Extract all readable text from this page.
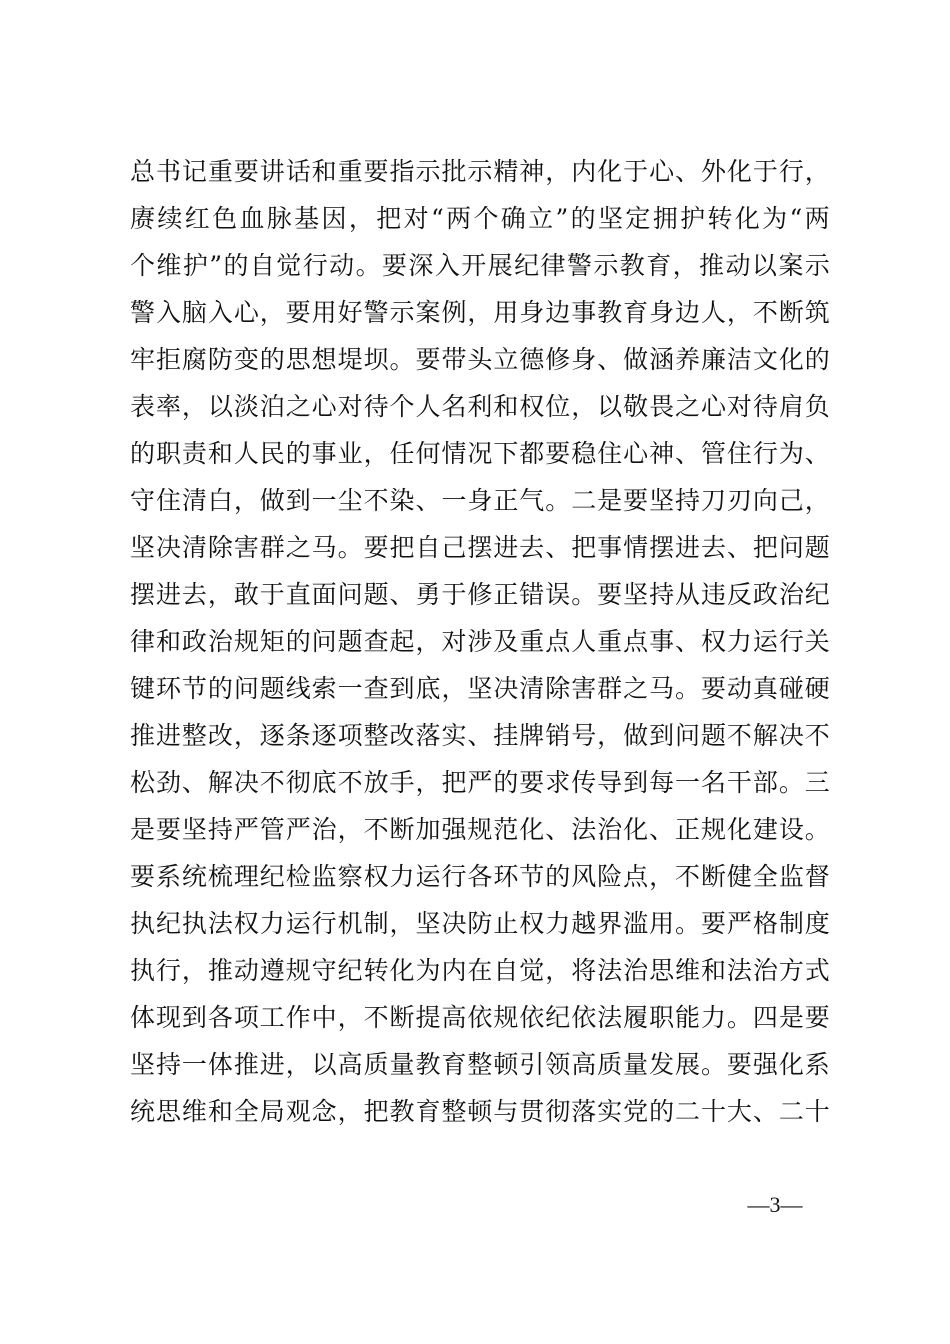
总 书 记 重 要 讲 话 和 重 要 指 示 批 示 精 神 ， 内 化 于 心 、 外 化 于 行 ，
赓 续 红 色 血 脉 基 因 ， 把 对 “ 两 个 确 立 ” 的 坚 定 拥 护 转 化 为 “ 两
个 维 护 ” 的 自 觉 行 动 。 要 深 入 开 展 纪 律 警 示 教 育 ， 推 动 以 案 示
警 入 脑 入 心 ， 要 用 好 警 示 案 例 ， 用 身 边 事 教 育 身 边 人 ， 不 断 筑
牢 拒 腐 防 变 的 思 想 堤 坝 。 要 带 头 立 德 修 身 、 做 涵 养 廉 洁 文 化 的
表 率 ， 以 淡 泊 之 心 对 待 个 人 名 利 和 权 位 ， 以 敬 畏 之 心 对 待 肩 负
的 职 责 和 人 民 的 事 业 ， 任 何 情 况 下 都 要 稳 住 心 神 、 管 住 行 为 、
守 住 清 白 ， 做 到 一 尘 不 染 、 一 身 正 气 。 二 是 要 坚 持 刀 刃 向 己 ，
坚 决 清 除 害 群 之 马 。 要 把 自 己 摆 进 去 、 把 事 情 摆 进 去 、 把 问 题
摆 进 去 ， 敢 于 直 面 问 题 、 勇 于 修 正 错 误 。 要 坚 持 从 违 反 政 治 纪
律 和 政 治 规 矩 的 问 题 查 起 ， 对 涉 及 重 点 人 重 点 事 、 权 力 运 行 关
键 环 节 的 问 题 线 索 一 查 到 底 ， 坚 决 清 除 害 群 之 马 。 要 动 真 碰 硬
推 进 整 改 ， 逐 条 逐 项 整 改 落 实 、 挂 牌 销 号 ， 做 到 问 题 不 解 决 不
松 劲 、 解 决 不 彻 底 不 放 手 ， 把 严 的 要 求 传 导 到 每 一 名 干 部 。 三
是 要 坚 持 严 管 严 治 ， 不 断 加 强 规 范 化 、 法 治 化 、 正 规 化 建 设 。
要 系 统 梳 理 纪 检 监 察 权 力 运 行 各 环 节 的 风 险 点 ， 不 断 健 全 监 督
执 纪 执 法 权 力 运 行 机 制 ， 坚 决 防 止 权 力 越 界 滥 用 。 要 严 格 制 度
执 行 ， 推 动 遵 规 守 纪 转 化 为 内 在 自 觉 ， 将 法 治 思 维 和 法 治 方 式
体 现 到 各 项 工 作 中 ， 不 断 提 高 依 规 依 纪 依 法 履 职 能 力 。 四 是 要
坚 持 一 体 推 进 ， 以 高 质 量 教 育 整 顿 引 领 高 质 量 发 展 。 要 强 化 系
统 思 维 和 全 局 观 念 ， 把 教 育 整 顿 与 贯 彻 落 实 党 的 二 十 大 、 二 十
—3—
